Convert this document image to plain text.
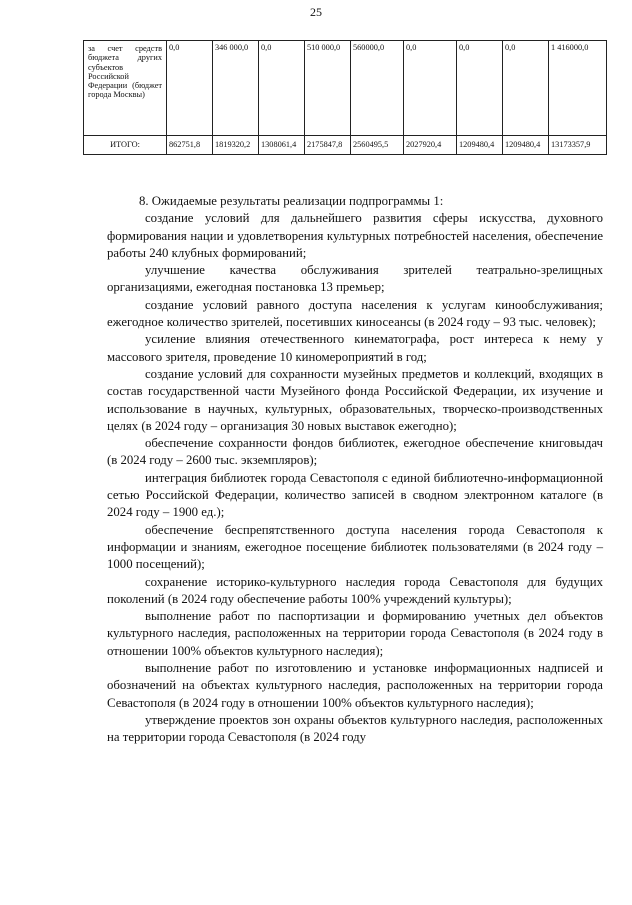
25
за счет средств бюджета других субъектов Российской Федерации (бюджет города Москвы)	0,0	346 000,0	0,0	510 000,0	560000,0	0,0	0,0	0,0	1 416000,0
ИТОГО:	862751,8	1819320,2	1308061,4	2175847,8	2560495,5	2027920,4	1209480,4	1209480,4	13173357,9

8. Ожидаемые результаты реализации подпрограммы 1:

создание условий для дальнейшего развития сферы искусства, духовного формирования нации и удовлетворения культурных потребностей населения, обеспечение работы 240 клубных формирований;

улучшение качества обслуживания зрителей театрально-зрелищных организациями, ежегодная постановка 13 премьер;

создание условий равного доступа населения к услугам кинообслуживания; ежегодное количество зрителей, посетивших киносеансы (в 2024 году – 93 тыс. человек);

усиление влияния отечественного кинематографа, рост интереса к нему у массового зрителя, проведение 10 киномероприятий в год;

создание условий для сохранности музейных предметов и коллекций, входящих в состав государственной части Музейного фонда Российской Федерации, их изучение и использование в научных, культурных, образовательных, творческо-производственных целях (в 2024 году – организация 30 новых выставок ежегодно);

обеспечение сохранности фондов библиотек, ежегодное обеспечение книговыдач (в 2024 году – 2600 тыс. экземпляров);

интеграция библиотек города Севастополя с единой библиотечно-информационной сетью Российской Федерации, количество записей в сводном электронном каталоге (в 2024 году – 1900 ед.);

обеспечение беспрепятственного доступа населения города Севастополя к информации и знаниям, ежегодное посещение библиотек пользователями (в 2024 году – 1000 посещений);

сохранение историко-культурного наследия города Севастополя для будущих поколений (в 2024 году обеспечение работы 100% учреждений культуры);

выполнение работ по паспортизации и формированию учетных дел объектов культурного наследия, расположенных на территории города Севастополя (в 2024 году в отношении 100% объектов культурного наследия);

выполнение работ по изготовлению и установке информационных надписей и обозначений на объектах культурного наследия, расположенных на территории города Севастополя (в 2024 году в отношении 100% объектов культурного наследия);

утверждение проектов зон охраны объектов культурного наследия, расположенных на территории города Севастополя (в 2024 году
